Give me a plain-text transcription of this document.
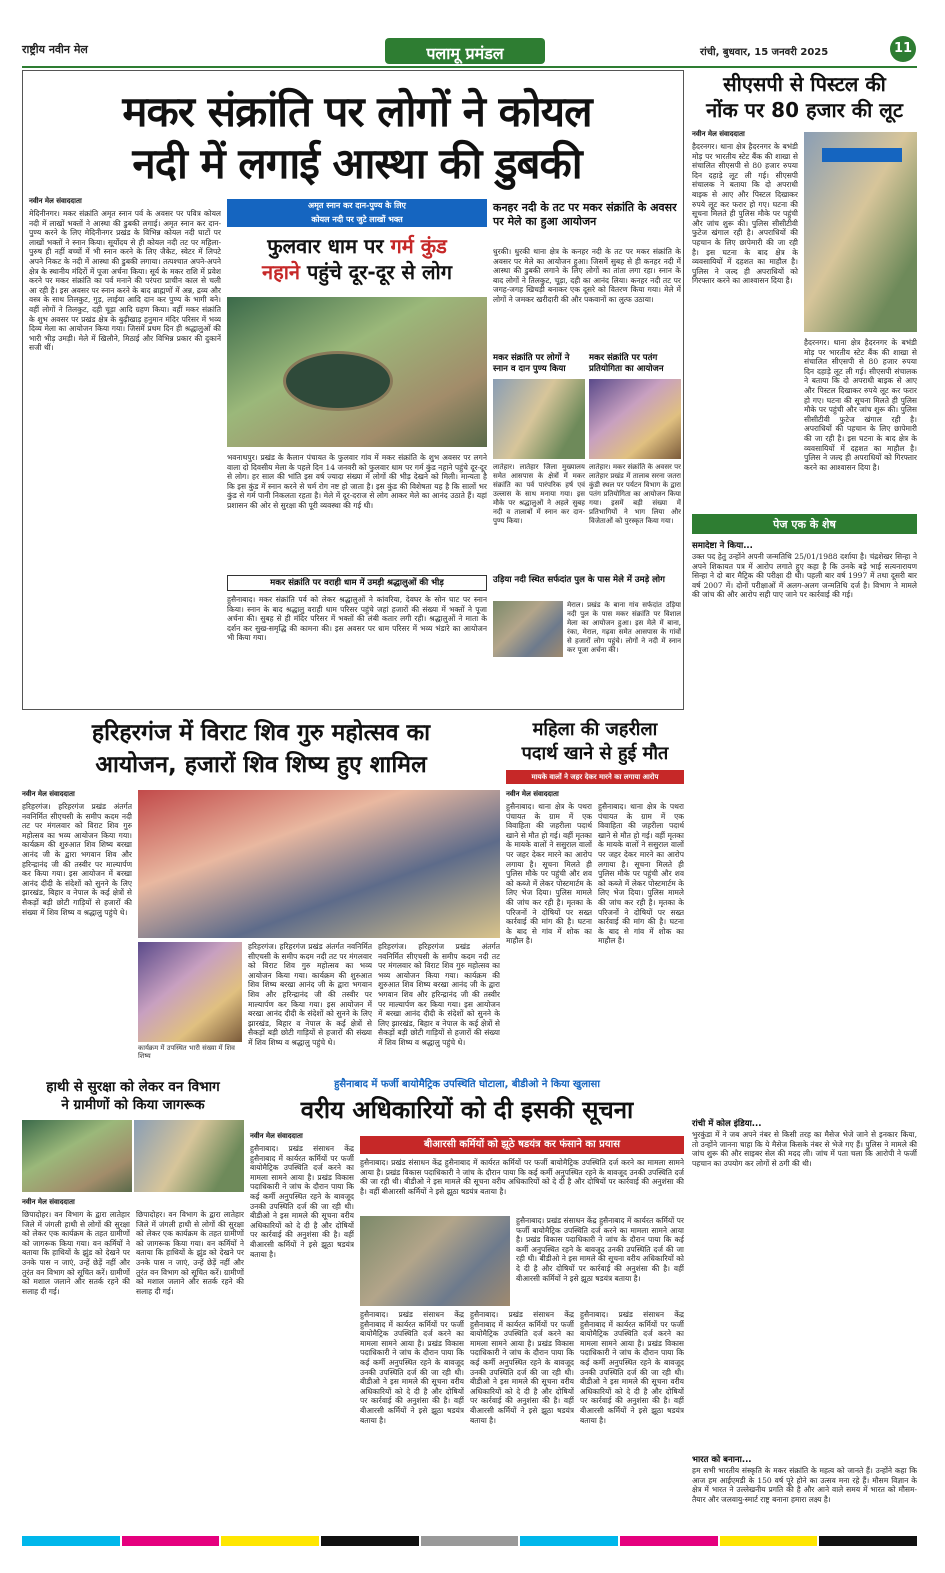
राष्ट्रीय नवीन मेल	पलामू प्रमंडल	रांची, बुधवार, 15 जनवरी 2025	11
मकर संक्रांति पर लोगों ने कोयल
नदी में लगाई आस्था की डुबकी
नवीन मेल संवाददाता
मेदिनीनगर। मकर संक्रांति अमृत स्नान पर्व के अवसर पर पवित्र कोयल नदी में लाखों भक्तों ने आस्था की डुबकी लगाई। अमृत स्नान कर दान-पुण्य करने के लिए मेदिनीनगर प्रखंड के विभिन्न कोयल नदी घाटों पर लाखों भक्तों ने स्नान किया। सूर्योदय से ही कोयल नदी तट पर महिला-पुरुष ही नहीं बच्चों में भी स्नान करने के लिए जैकेट, स्वेटर में लिपटे अपने निकट के नदी में आस्था की डुबकी लगाया। तत्पश्चात अपने-अपने क्षेत्र के स्थानीय मंदिरों में पूजा अर्चना किया। सूर्य के मकर राशि में प्रवेश करने पर मकर संक्रांति का पर्व मनाने की परंपरा प्राचीन काल से चली आ रही है। इस अवसर पर स्नान करने के बाद ब्राह्मणों में अन्न, द्रव्य और वस्त्र के साथ तिलकुट, गुड़, लाईया आदि दान कर पुण्य के भागी बने। वहीं लोगों ने तिलकुट, दही चूड़ा आदि ग्रहण किया। वहीं मकर संक्रांति के शुभ अवसर पर प्रखंड क्षेत्र के बुढ़ीखाड़ हनुमान मंदिर परिसर में भव्य दिव्य मेला का आयोजन किया गया। जिसमें प्रथम दिन ही श्रद्धालुओं की भारी भीड़ उमड़ी। मेले में खिलौने, मिठाई और विभिन्न प्रकार की दुकानें सजी थीं।
अमृत स्नान कर दान-पुण्य के लिए
कोयल नदी पर जुटे लाखों भक्त
फुलवार धाम पर गर्म कुंड
नहाने पहुंचे दूर-दूर से लोग
भवनाथपुर। प्रखंड के कैलान पंचायत के फुलवार गांव में मकर संक्रांति के शुभ अवसर पर लगने वाला दो दिवसीय मेला के पहले दिन 14 जनवरी को फुलवार धाम पर गर्म कुंड नहाने पहुंचे दूर-दूर से लोग। हर साल की भांति इस वर्ष ज्यादा संख्या में लोगों की भीड़ देखने को मिली। मान्यता है कि इस कुंड में स्नान करने से चर्म रोग नष्ट हो जाता है। इस कुंड की विशेषता यह है कि सालों भर कुंड से गर्म पानी निकलता रहता है। मेले में दूर-दराज से लोग आकर मेले का आनंद उठाते हैं। यहां प्रशासन की ओर से सुरक्षा की पूरी व्यवस्था की गई थी।
कनहर नदी के तट पर मकर संक्रांति के अवसर पर मेले का हुआ आयोजन
धुरकी। धुरकी थाना क्षेत्र के कनहर नदी के तट पर मकर संक्रांति के अवसर पर मेले का आयोजन हुआ। जिसमें सुबह से ही कनहर नदी में आस्था की डुबकी लगाने के लिए लोगों का तांता लगा रहा। स्नान के बाद लोगों ने तिलकुट, चूड़ा, दही का आनंद लिया। कनहर नदी तट पर जगह-जगह खिचड़ी बनाकर एक दूसरे को वितरण किया गया। मेले में लोगों ने जमकर खरीदारी की और पकवानों का लुत्फ उठाया।
मकर संक्रांति पर लोगों ने स्नान व दान पुण्य किया
लातेहार। लातेहार जिला मुख्यालय समेत आसपास के क्षेत्रों में मकर संक्रांति का पर्व पारंपरिक हर्ष एवं उल्लास के साथ मनाया गया। इस मौके पर श्रद्धालुओं ने अहले सुबह नदी व तालाबों में स्नान कर दान-पुण्य किया।
मकर संक्रांति पर पतंग प्रतियोगिता का आयोजन
लातेहार। मकर संक्रांति के अवसर पर लातेहार प्रखंड में तालाब सरना जतरा कुंडी स्थल पर पर्यटन विभाग के द्वारा पतंग प्रतियोगिता का आयोजन किया गया। इसमें बड़ी संख्या में प्रतिभागियों ने भाग लिया और विजेताओं को पुरस्कृत किया गया।
उड़िया नदी स्थित सर्फदांत पुल के पास मेले में उमड़े लोग
मेराल। प्रखंड के बाना गांव सर्फदांत उड़िया नदी पुल के पास मकर संक्रांति पर विशाल मेला का आयोजन हुआ। इस मेले में बाना, रंका, मेराल, गढ़वा समेत आसपास के गांवों से हजारों लोग पहुंचे। लोगों ने नदी में स्नान कर पूजा अर्चना की।
मकर संक्रांति पर वराही धाम में उमड़ी श्रद्धालुओं की भीड़
हुसैनाबाद। मकर संक्रांति पर्व को लेकर श्रद्धालुओं ने कांवरिया, देवघर के सोन घाट पर स्नान किया। स्नान के बाद श्रद्धालु वराही धाम परिसर पहुंचे जहां हजारों की संख्या में भक्तों ने पूजा अर्चना की। सुबह से ही मंदिर परिसर में भक्तों की लंबी कतार लगी रही। श्रद्धालुओं ने माता के दर्शन कर सुख-समृद्धि की कामना की। इस अवसर पर धाम परिसर में भव्य भंडारे का आयोजन भी किया गया।
सीएसपी से पिस्टल की
नोंक पर 80 हजार की लूट
नवीन मेल संवाददाता
हैदरनगर। थाना क्षेत्र हैदरनगर के बभंडी मोड़ पर भारतीय स्टेट बैंक की शाखा से संचालित सीएसपी से 80 हजार रुपया दिन दहाड़े लूट ली गई। सीएसपी संचालक ने बताया कि दो अपराधी बाइक से आए और पिस्टल दिखाकर रुपये लूट कर फरार हो गए। घटना की सूचना मिलते ही पुलिस मौके पर पहुंची और जांच शुरू की। पुलिस सीसीटीवी फुटेज खंगाल रही है। अपराधियों की पहचान के लिए छापेमारी की जा रही है। इस घटना के बाद क्षेत्र के व्यवसायियों में दहशत का माहौल है। पुलिस ने जल्द ही अपराधियों को गिरफ्तार करने का आश्वासन दिया है।
हैदरनगर। थाना क्षेत्र हैदरनगर के बभंडी मोड़ पर भारतीय स्टेट बैंक की शाखा से संचालित सीएसपी से 80 हजार रुपया दिन दहाड़े लूट ली गई। सीएसपी संचालक ने बताया कि दो अपराधी बाइक से आए और पिस्टल दिखाकर रुपये लूट कर फरार हो गए। घटना की सूचना मिलते ही पुलिस मौके पर पहुंची और जांच शुरू की। पुलिस सीसीटीवी फुटेज खंगाल रही है। अपराधियों की पहचान के लिए छापेमारी की जा रही है। इस घटना के बाद क्षेत्र के व्यवसायियों में दहशत का माहौल है। पुलिस ने जल्द ही अपराधियों को गिरफ्तार करने का आश्वासन दिया है।
पेज एक के शेष
समादेष्टा ने किया...
उक्त पद हेतु उन्होंने अपनी जन्मतिथि 25/01/1988 दर्शाया है। चंद्रशेखर सिन्हा ने अपने शिकायत पत्र में आरोप लगाते हुए कहा है कि उनके बड़े भाई सत्यनारायण सिन्हा ने दो बार मैट्रिक की परीक्षा दी थी। पहली बार वर्ष 1997 में तथा दूसरी बार वर्ष 2007 में। दोनों परीक्षाओं में अलग-अलग जन्मतिथि दर्ज है। विभाग ने मामले की जांच की और आरोप सही पाए जाने पर कार्रवाई की गई।
रांची में कोल इंडिया...
भुरकुंडा में ने जब अपने नंबर से किसी तरह का मैसेज भेजे जाने से इनकार किया, तो उन्होंने जानना चाहा कि ये मैसेज किसके नंबर से भेजे गए हैं। पुलिस ने मामले की जांच शुरू की और साइबर सेल की मदद ली। जांच में पता चला कि आरोपी ने फर्जी पहचान का उपयोग कर लोगों से ठगी की थी।
भारत को बनाना...
हम सभी भारतीय संस्कृति के मकर संक्रांति के महत्व को जानते हैं। उन्होंने कहा कि आज हम आईएमडी के 150 वर्ष पूरे होने का उत्सव मना रहे हैं। मौसम विज्ञान के क्षेत्र में भारत ने उल्लेखनीय प्रगति की है और आने वाले समय में भारत को मौसम-तैयार और जलवायु-स्मार्ट राष्ट्र बनाना हमारा लक्ष्य है।
हरिहरगंज में विराट शिव गुरु महोत्सव का
आयोजन, हजारों शिव शिष्य हुए शामिल
नवीन मेल संवाददाता
हरिहरगंज। हरिहरगंज प्रखंड अंतर्गत नवनिर्मित सीएचसी के समीप कदम नदी तट पर मंगलवार को विराट शिव गुरु महोत्सव का भव्य आयोजन किया गया। कार्यक्रम की शुरुआत शिव शिष्य बरखा आनंद जी के द्वारा भगवान शिव और हरिन्द्रानंद जी की तस्वीर पर माल्यार्पण कर किया गया। इस आयोजन में बरखा आनंद दीदी के संदेशों को सुनने के लिए झारखंड, बिहार व नेपाल के कई क्षेत्रों से सैकड़ों बड़ी छोटी गाड़ियों से हजारों की संख्या में शिव शिष्य व श्रद्धालु पहुंचे थे।
कार्यक्रम में उपस्थित भारी संख्या में शिव शिष्य
हरिहरगंज। हरिहरगंज प्रखंड अंतर्गत नवनिर्मित सीएचसी के समीप कदम नदी तट पर मंगलवार को विराट शिव गुरु महोत्सव का भव्य आयोजन किया गया। कार्यक्रम की शुरुआत शिव शिष्य बरखा आनंद जी के द्वारा भगवान शिव और हरिन्द्रानंद जी की तस्वीर पर माल्यार्पण कर किया गया। इस आयोजन में बरखा आनंद दीदी के संदेशों को सुनने के लिए झारखंड, बिहार व नेपाल के कई क्षेत्रों से सैकड़ों बड़ी छोटी गाड़ियों से हजारों की संख्या में शिव शिष्य व श्रद्धालु पहुंचे थे।
हरिहरगंज। हरिहरगंज प्रखंड अंतर्गत नवनिर्मित सीएचसी के समीप कदम नदी तट पर मंगलवार को विराट शिव गुरु महोत्सव का भव्य आयोजन किया गया। कार्यक्रम की शुरुआत शिव शिष्य बरखा आनंद जी के द्वारा भगवान शिव और हरिन्द्रानंद जी की तस्वीर पर माल्यार्पण कर किया गया। इस आयोजन में बरखा आनंद दीदी के संदेशों को सुनने के लिए झारखंड, बिहार व नेपाल के कई क्षेत्रों से सैकड़ों बड़ी छोटी गाड़ियों से हजारों की संख्या में शिव शिष्य व श्रद्धालु पहुंचे थे।
महिला की जहरीला
पदार्थ खाने से हुई मौत
मायके वालों ने जहर देकर मारने का लगाया आरोप
नवीन मेल संवाददाता
हुसैनाबाद। थाना क्षेत्र के पथरा पंचायत के ग्राम में एक विवाहिता की जहरीला पदार्थ खाने से मौत हो गई। वहीं मृतका के मायके वालों ने ससुराल वालों पर जहर देकर मारने का आरोप लगाया है। सूचना मिलते ही पुलिस मौके पर पहुंची और शव को कब्जे में लेकर पोस्टमार्टम के लिए भेज दिया। पुलिस मामले की जांच कर रही है। मृतका के परिजनों ने दोषियों पर सख्त कार्रवाई की मांग की है। घटना के बाद से गांव में शोक का माहौल है।
हुसैनाबाद। थाना क्षेत्र के पथरा पंचायत के ग्राम में एक विवाहिता की जहरीला पदार्थ खाने से मौत हो गई। वहीं मृतका के मायके वालों ने ससुराल वालों पर जहर देकर मारने का आरोप लगाया है। सूचना मिलते ही पुलिस मौके पर पहुंची और शव को कब्जे में लेकर पोस्टमार्टम के लिए भेज दिया। पुलिस मामले की जांच कर रही है। मृतका के परिजनों ने दोषियों पर सख्त कार्रवाई की मांग की है। घटना के बाद से गांव में शोक का माहौल है।
हाथी से सुरक्षा को लेकर वन विभाग
ने ग्रामीणों को किया जागरूक
नवीन मेल संवाददाता
छिपादोहर। वन विभाग के द्वारा लातेहार जिले में जंगली हाथी से लोगों की सुरक्षा को लेकर एक कार्यक्रम के तहत ग्रामीणों को जागरूक किया गया। वन कर्मियों ने बताया कि हाथियों के झुंड को देखने पर उनके पास न जाएं, उन्हें छेड़ें नहीं और तुरंत वन विभाग को सूचित करें। ग्रामीणों को मशाल जलाने और सतर्क रहने की सलाह दी गई।
छिपादोहर। वन विभाग के द्वारा लातेहार जिले में जंगली हाथी से लोगों की सुरक्षा को लेकर एक कार्यक्रम के तहत ग्रामीणों को जागरूक किया गया। वन कर्मियों ने बताया कि हाथियों के झुंड को देखने पर उनके पास न जाएं, उन्हें छेड़ें नहीं और तुरंत वन विभाग को सूचित करें। ग्रामीणों को मशाल जलाने और सतर्क रहने की सलाह दी गई।
हुसैनाबाद में फर्जी बायोमैट्रिक उपस्थिति घोटाला, बीडीओ ने किया खुलासा
वरीय अधिकारियों को दी इसकी सूचना
नवीन मेल संवाददाता
हुसैनाबाद। प्रखंड संसाधन केंद्र हुसैनाबाद में कार्यरत कर्मियों पर फर्जी बायोमैट्रिक उपस्थिति दर्ज करने का मामला सामने आया है। प्रखंड विकास पदाधिकारी ने जांच के दौरान पाया कि कई कर्मी अनुपस्थित रहने के बावजूद उनकी उपस्थिति दर्ज की जा रही थी। बीडीओ ने इस मामले की सूचना वरीय अधिकारियों को दे दी है और दोषियों पर कार्रवाई की अनुशंसा की है। वहीं बीआरसी कर्मियों ने इसे झूठा षडयंत्र बताया है।
बीआरसी कर्मियों को झूठे षडयंत्र कर फंसाने का प्रयास
हुसैनाबाद। प्रखंड संसाधन केंद्र हुसैनाबाद में कार्यरत कर्मियों पर फर्जी बायोमैट्रिक उपस्थिति दर्ज करने का मामला सामने आया है। प्रखंड विकास पदाधिकारी ने जांच के दौरान पाया कि कई कर्मी अनुपस्थित रहने के बावजूद उनकी उपस्थिति दर्ज की जा रही थी। बीडीओ ने इस मामले की सूचना वरीय अधिकारियों को दे दी है और दोषियों पर कार्रवाई की अनुशंसा की है। वहीं बीआरसी कर्मियों ने इसे झूठा षडयंत्र बताया है।
हुसैनाबाद। प्रखंड संसाधन केंद्र हुसैनाबाद में कार्यरत कर्मियों पर फर्जी बायोमैट्रिक उपस्थिति दर्ज करने का मामला सामने आया है। प्रखंड विकास पदाधिकारी ने जांच के दौरान पाया कि कई कर्मी अनुपस्थित रहने के बावजूद उनकी उपस्थिति दर्ज की जा रही थी। बीडीओ ने इस मामले की सूचना वरीय अधिकारियों को दे दी है और दोषियों पर कार्रवाई की अनुशंसा की है। वहीं बीआरसी कर्मियों ने इसे झूठा षडयंत्र बताया है।
हुसैनाबाद। प्रखंड संसाधन केंद्र हुसैनाबाद में कार्यरत कर्मियों पर फर्जी बायोमैट्रिक उपस्थिति दर्ज करने का मामला सामने आया है। प्रखंड विकास पदाधिकारी ने जांच के दौरान पाया कि कई कर्मी अनुपस्थित रहने के बावजूद उनकी उपस्थिति दर्ज की जा रही थी। बीडीओ ने इस मामले की सूचना वरीय अधिकारियों को दे दी है और दोषियों पर कार्रवाई की अनुशंसा की है। वहीं बीआरसी कर्मियों ने इसे झूठा षडयंत्र बताया है।
हुसैनाबाद। प्रखंड संसाधन केंद्र हुसैनाबाद में कार्यरत कर्मियों पर फर्जी बायोमैट्रिक उपस्थिति दर्ज करने का मामला सामने आया है। प्रखंड विकास पदाधिकारी ने जांच के दौरान पाया कि कई कर्मी अनुपस्थित रहने के बावजूद उनकी उपस्थिति दर्ज की जा रही थी। बीडीओ ने इस मामले की सूचना वरीय अधिकारियों को दे दी है और दोषियों पर कार्रवाई की अनुशंसा की है। वहीं बीआरसी कर्मियों ने इसे झूठा षडयंत्र बताया है।
हुसैनाबाद। प्रखंड संसाधन केंद्र हुसैनाबाद में कार्यरत कर्मियों पर फर्जी बायोमैट्रिक उपस्थिति दर्ज करने का मामला सामने आया है। प्रखंड विकास पदाधिकारी ने जांच के दौरान पाया कि कई कर्मी अनुपस्थित रहने के बावजूद उनकी उपस्थिति दर्ज की जा रही थी। बीडीओ ने इस मामले की सूचना वरीय अधिकारियों को दे दी है और दोषियों पर कार्रवाई की अनुशंसा की है। वहीं बीआरसी कर्मियों ने इसे झूठा षडयंत्र बताया है।
